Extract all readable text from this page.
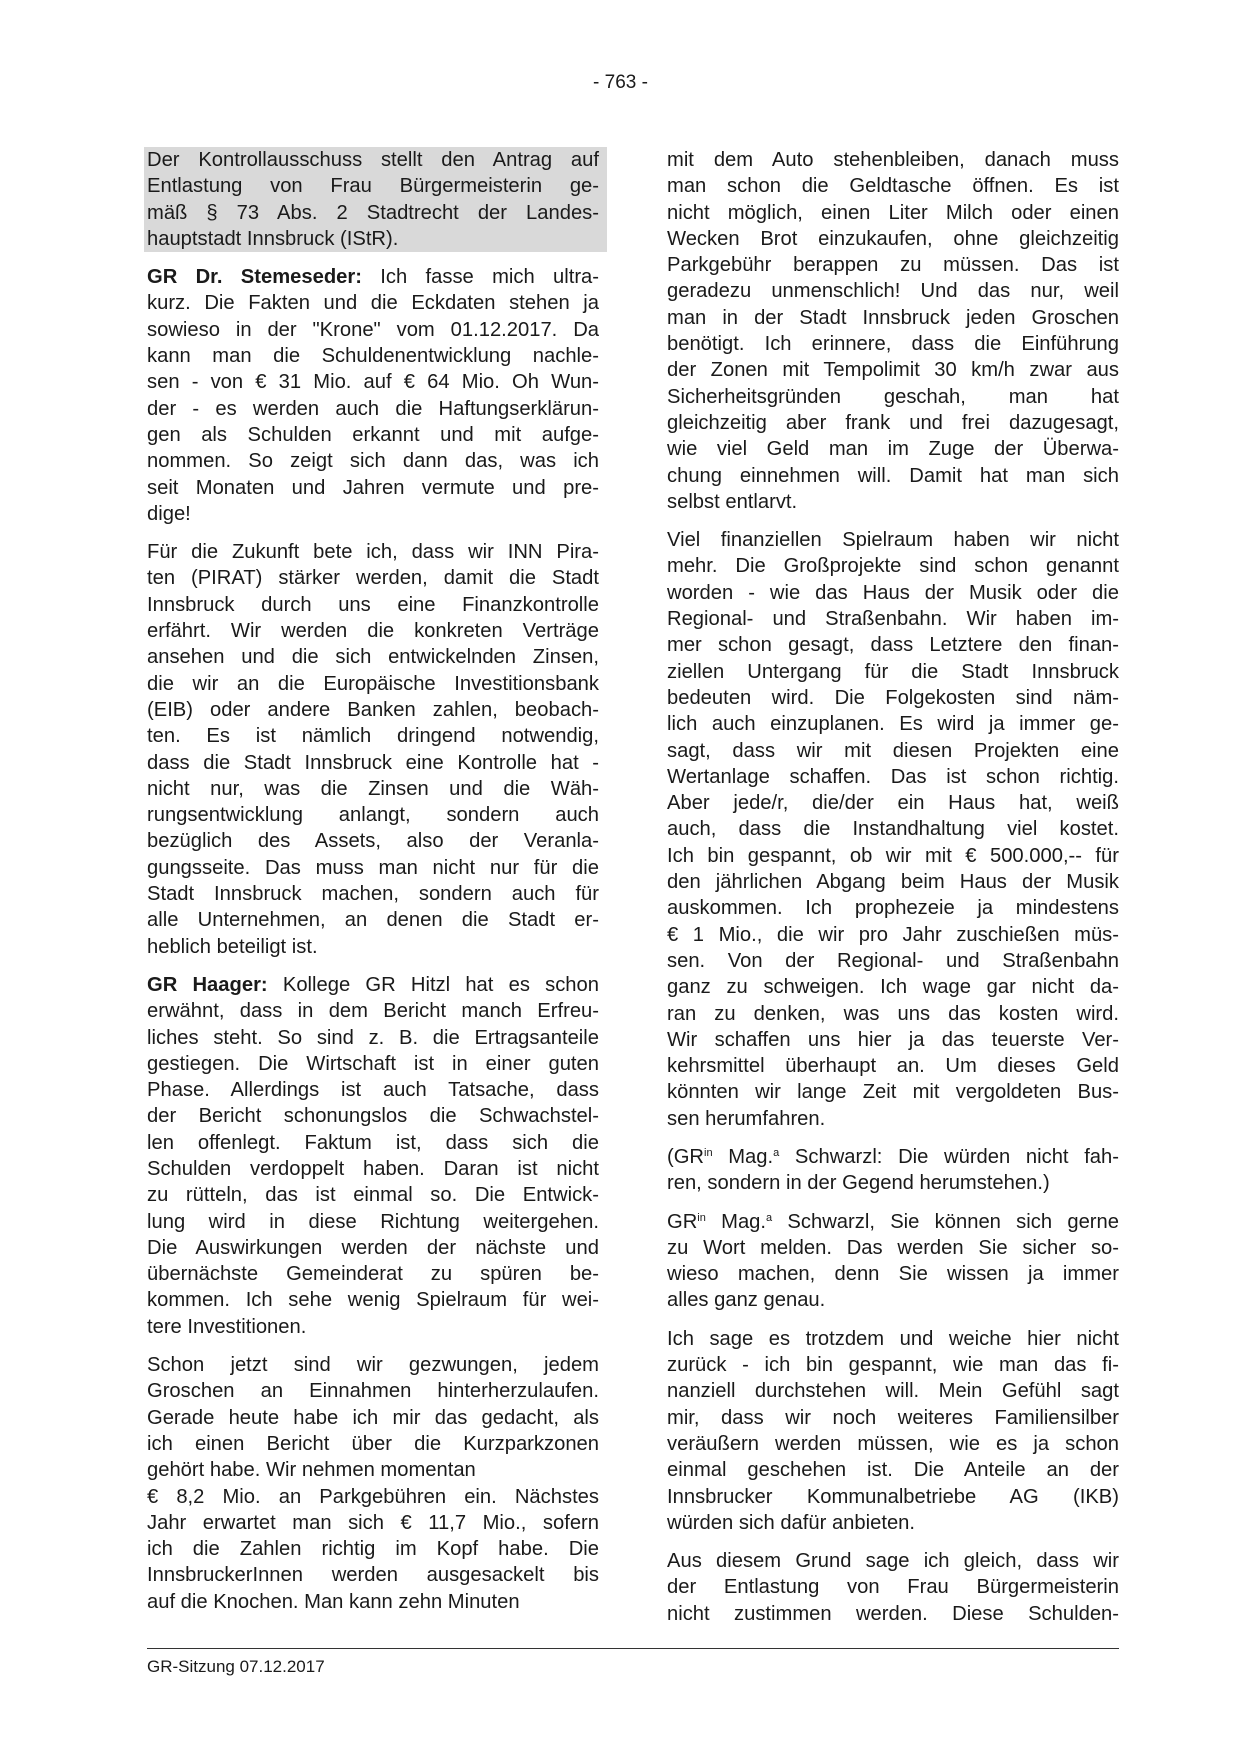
- 763 -
Der Kontrollausschuss stellt den Antrag auf
Entlastung von Frau Bürgermeisterin ge-
mäß § 73 Abs. 2 Stadtrecht der Landes-
hauptstadt Innsbruck (IStR).
GR Dr. Stemeseder: Ich fasse mich ultra-
kurz. Die Fakten und die Eckdaten stehen ja
sowieso in der "Krone" vom 01.12.2017. Da
kann man die Schuldenentwicklung nachle-
sen - von € 31 Mio. auf € 64 Mio. Oh Wun-
der - es werden auch die Haftungserklärun-
gen als Schulden erkannt und mit aufge-
nommen. So zeigt sich dann das, was ich
seit Monaten und Jahren vermute und pre-
dige!
Für die Zukunft bete ich, dass wir INN Pira-
ten (PIRAT) stärker werden, damit die Stadt
Innsbruck durch uns eine Finanzkontrolle
erfährt. Wir werden die konkreten Verträge
ansehen und die sich entwickelnden Zinsen,
die wir an die Europäische Investitionsbank
(EIB) oder andere Banken zahlen, beobach-
ten. Es ist nämlich dringend notwendig,
dass die Stadt Innsbruck eine Kontrolle hat -
nicht nur, was die Zinsen und die Wäh-
rungsentwicklung anlangt, sondern auch
bezüglich des Assets, also der Veranla-
gungsseite. Das muss man nicht nur für die
Stadt Innsbruck machen, sondern auch für
alle Unternehmen, an denen die Stadt er-
heblich beteiligt ist.
GR Haager: Kollege GR Hitzl hat es schon
erwähnt, dass in dem Bericht manch Erfreu-
liches steht. So sind z. B. die Ertragsanteile
gestiegen. Die Wirtschaft ist in einer guten
Phase. Allerdings ist auch Tatsache, dass
der Bericht schonungslos die Schwachstel-
len offenlegt. Faktum ist, dass sich die
Schulden verdoppelt haben. Daran ist nicht
zu rütteln, das ist einmal so. Die Entwick-
lung wird in diese Richtung weitergehen.
Die Auswirkungen werden der nächste und
übernächste Gemeinderat zu spüren be-
kommen. Ich sehe wenig Spielraum für wei-
tere Investitionen.
Schon jetzt sind wir gezwungen, jedem
Groschen an Einnahmen hinterherzulaufen.
Gerade heute habe ich mir das gedacht, als
ich einen Bericht über die Kurzparkzonen
gehört habe. Wir nehmen momentan
€ 8,2 Mio. an Parkgebühren ein. Nächstes
Jahr erwartet man sich € 11,7 Mio., sofern
ich die Zahlen richtig im Kopf habe. Die
InnsbruckerInnen werden ausgesackelt bis
auf die Knochen. Man kann zehn Minuten
mit dem Auto stehenbleiben, danach muss
man schon die Geldtasche öffnen. Es ist
nicht möglich, einen Liter Milch oder einen
Wecken Brot einzukaufen, ohne gleichzeitig
Parkgebühr berappen zu müssen. Das ist
geradezu unmenschlich! Und das nur, weil
man in der Stadt Innsbruck jeden Groschen
benötigt. Ich erinnere, dass die Einführung
der Zonen mit Tempolimit 30 km/h zwar aus
Sicherheitsgründen geschah, man hat
gleichzeitig aber frank und frei dazugesagt,
wie viel Geld man im Zuge der Überwa-
chung einnehmen will. Damit hat man sich
selbst entlarvt.
Viel finanziellen Spielraum haben wir nicht
mehr. Die Großprojekte sind schon genannt
worden - wie das Haus der Musik oder die
Regional- und Straßenbahn. Wir haben im-
mer schon gesagt, dass Letztere den finan-
ziellen Untergang für die Stadt Innsbruck
bedeuten wird. Die Folgekosten sind näm-
lich auch einzuplanen. Es wird ja immer ge-
sagt, dass wir mit diesen Projekten eine
Wertanlage schaffen. Das ist schon richtig.
Aber jede/r, die/der ein Haus hat, weiß
auch, dass die Instandhaltung viel kostet.
Ich bin gespannt, ob wir mit € 500.000,-- für
den jährlichen Abgang beim Haus der Musik
auskommen. Ich prophezeie ja mindestens
€ 1 Mio., die wir pro Jahr zuschießen müs-
sen. Von der Regional- und Straßenbahn
ganz zu schweigen. Ich wage gar nicht da-
ran zu denken, was uns das kosten wird.
Wir schaffen uns hier ja das teuerste Ver-
kehrsmittel überhaupt an. Um dieses Geld
könnten wir lange Zeit mit vergoldeten Bus-
sen herumfahren.
($GR^{in}$ Mag.$^a$ Schwarzl: Die würden nicht fah-
ren, sondern in der Gegend herumstehen.)
$GR^{in}$ Mag.$^a$ Schwarzl, Sie können sich gerne
zu Wort melden. Das werden Sie sicher so-
wieso machen, denn Sie wissen ja immer
alles ganz genau.
Ich sage es trotzdem und weiche hier nicht
zurück - ich bin gespannt, wie man das fi-
nanziell durchstehen will. Mein Gefühl sagt
mir, dass wir noch weiteres Familiensilber
veräußern werden müssen, wie es ja schon
einmal geschehen ist. Die Anteile an der
Innsbrucker Kommunalbetriebe AG (IKB)
würden sich dafür anbieten.
Aus diesem Grund sage ich gleich, dass wir
der Entlastung von Frau Bürgermeisterin
nicht zustimmen werden. Diese Schulden-
GR-Sitzung 07.12.2017
